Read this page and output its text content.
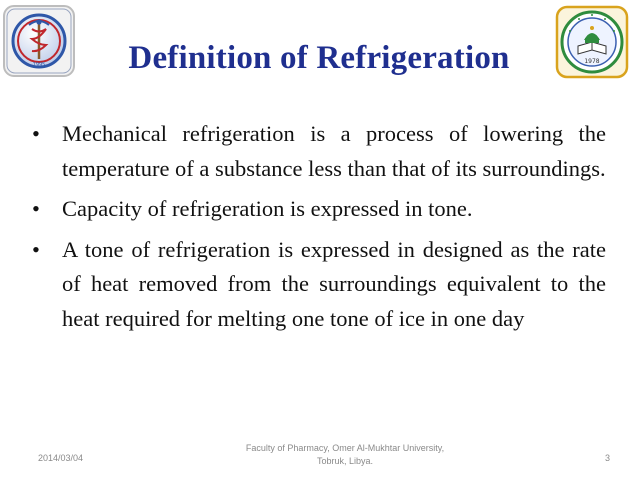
1995	1978
Definition of Refrigeration
• Mechanical refrigeration is a process of lowering the temperature of a substance less than that of its surroundings.
• Capacity of refrigeration is expressed in tone.
• A tone of refrigeration is expressed in designed as the rate of heat removed from the surroundings equivalent to the heat required for melting one tone of ice in one day
2014/03/04
Faculty of Pharmacy, Omer Al-Mukhtar University,
Tobruk, Libya.	3
